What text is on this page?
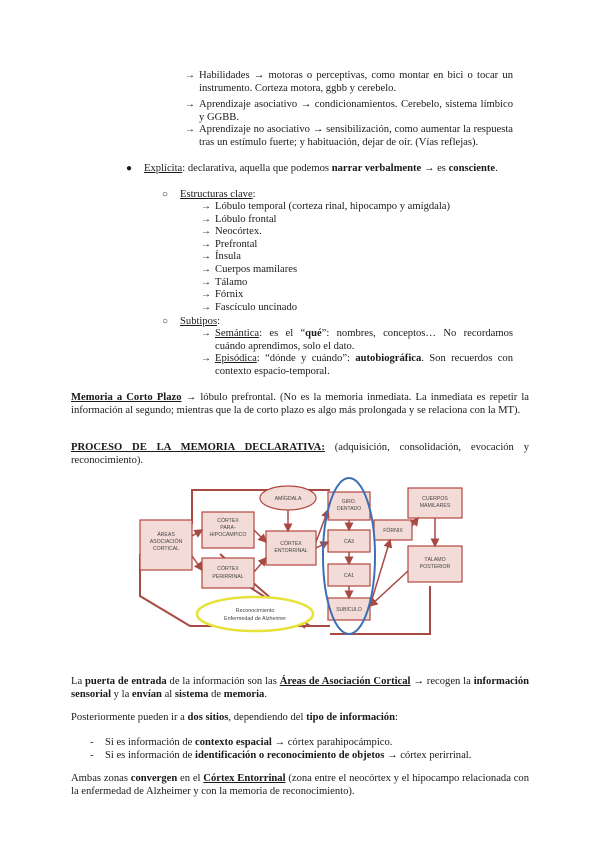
→ Habilidades → motoras o perceptivas, como montar en bici o tocar un instrumento. Corteza motora, ggbb y cerebelo.
→ Aprendizaje asociativo → condicionamientos. Cerebelo, sistema límbico y GGBB.
→ Aprendizaje no asociativo → sensibilización, como aumentar la respuesta tras un estímulo fuerte; y habituación, dejar de oír. (Vías reflejas).
● Explícita: declarativa, aquella que podemos narrar verbalmente → es consciente.
○ Estructuras clave:
→ Lóbulo temporal (corteza rinal, hipocampo y amígdala)
→ Lóbulo frontal
→ Neocórtex.
→ Prefrontal
→ Ínsula
→ Cuerpos mamilares
→ Tálamo
→ Fórnix
→ Fascículo uncinado
○ Subtipos:
→ Semántica: es el “qué”: nombres, conceptos… No recordamos cuándo aprendimos, solo el dato.
→ Episódica: “dónde y cuándo”: autobiográfica. Son recuerdos con contexto espacio-temporal.
Memoria a Corto Plazo → lóbulo prefrontal. (No es la memoria inmediata. La inmediata es repetir la información al segundo; mientras que la de corto plazo es algo más prolongada y se relaciona con la MT).
PROCESO DE LA MEMORIA DECLARATIVA: (adquisición, consolidación, evocación y reconocimiento).
ÁREAS ASOCIACIÓN CORTICAL
CÓRTEX PARA-HIPOCÁMPICO
CÓRTEX PERIRRINAL
CÓRTEX ENTORRINAL
AMÍGDALA	GIRO. DENTADO
CA3
CA1
SUBÍCULO
FÓRNIX
CUERPOS MAMILARES
TÁLAMO POSTERIOR
Reconocimiento Enfermedad de Alzheimer
La puerta de entrada de la información son las Áreas de Asociación Cortical → recogen la información sensorial y la envían al sistema de memoria.
Posteriormente pueden ir a dos sitios, dependiendo del tipo de información:
- Si es información de contexto espacial → córtex parahipocámpico.
- Si es información de identificación o reconocimiento de objetos → córtex perirrinal.
Ambas zonas convergen en el Córtex Entorrinal (zona entre el neocórtex y el hipocampo relacionada con la enfermedad de Alzheimer y con la memoria de reconocimiento).
